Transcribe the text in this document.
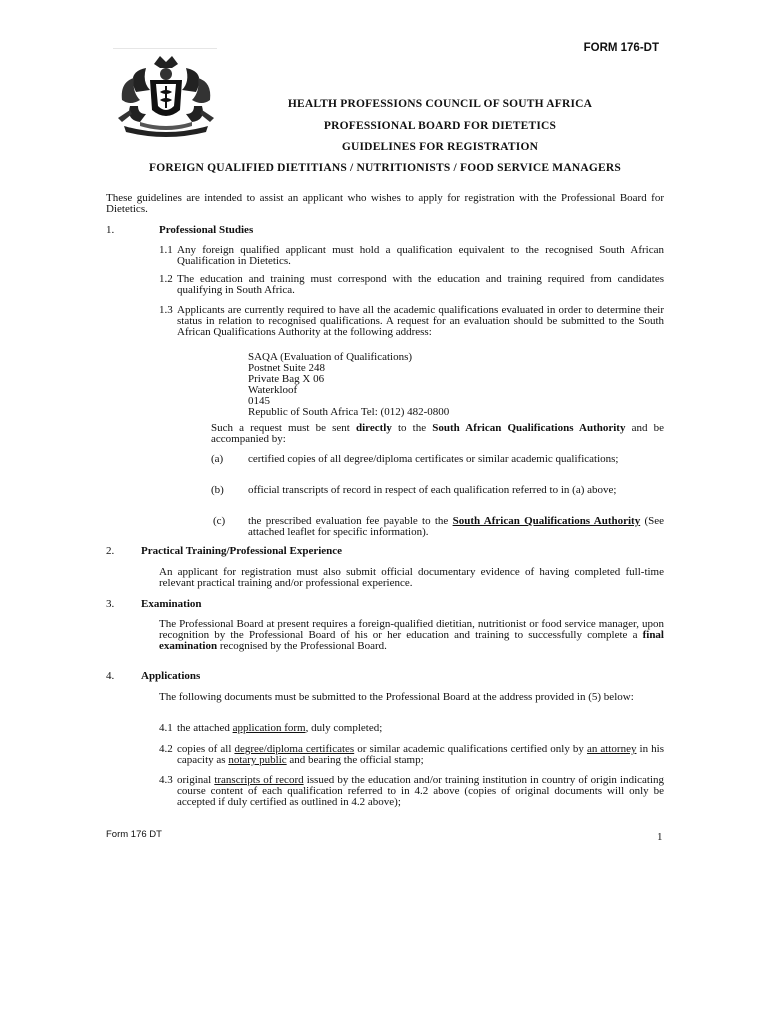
FORM 176-DT
HEALTH PROFESSIONS COUNCIL OF SOUTH AFRICA
PROFESSIONAL BOARD FOR DIETETICS
GUIDELINES FOR REGISTRATION
FOREIGN QUALIFIED DIETITIANS / NUTRITIONISTS / FOOD SERVICE MANAGERS
These guidelines are intended to assist an applicant who wishes to apply for registration with the Professional Board for Dietetics.
1.	Professional Studies
1.1 Any foreign qualified applicant must hold a qualification equivalent to the recognised South African Qualification in Dietetics.
1.2 The education and training must correspond with the education and training required from candidates qualifying in South Africa.
1.3 Applicants are currently required to have all the academic qualifications evaluated in order to determine their status in relation to recognised qualifications. A request for an evaluation should be submitted to the South African Qualifications Authority at the following address:
SAQA (Evaluation of Qualifications)
Postnet Suite 248
Private Bag X 06
Waterkloof
0145
Republic of South Africa Tel: (012) 482-0800
Such a request must be sent directly to the South African Qualifications Authority and be accompanied by:
(a) certified copies of all degree/diploma certificates or similar academic qualifications;
(b) official transcripts of record in respect of each qualification referred to in (a) above;
(c) the prescribed evaluation fee payable to the South African Qualifications Authority (See attached leaflet for specific information).
2. Practical Training/Professional Experience
An applicant for registration must also submit official documentary evidence of having completed full-time relevant practical training and/or professional experience.
3. Examination
The Professional Board at present requires a foreign-qualified dietitian, nutritionist or food service manager, upon recognition by the Professional Board of his or her education and training to successfully complete a final examination recognised by the Professional Board.
4. Applications
The following documents must be submitted to the Professional Board at the address provided in (5) below:
4.1 the attached application form, duly completed;
4.2 copies of all degree/diploma certificates or similar academic qualifications certified only by an attorney in his capacity as notary public and bearing the official stamp;
4.3 original transcripts of record issued by the education and/or training institution in country of origin indicating course content of each qualification referred to in 4.2 above (copies of original documents will only be accepted if duly certified as outlined in 4.2 above);
Form 176 DT	1
